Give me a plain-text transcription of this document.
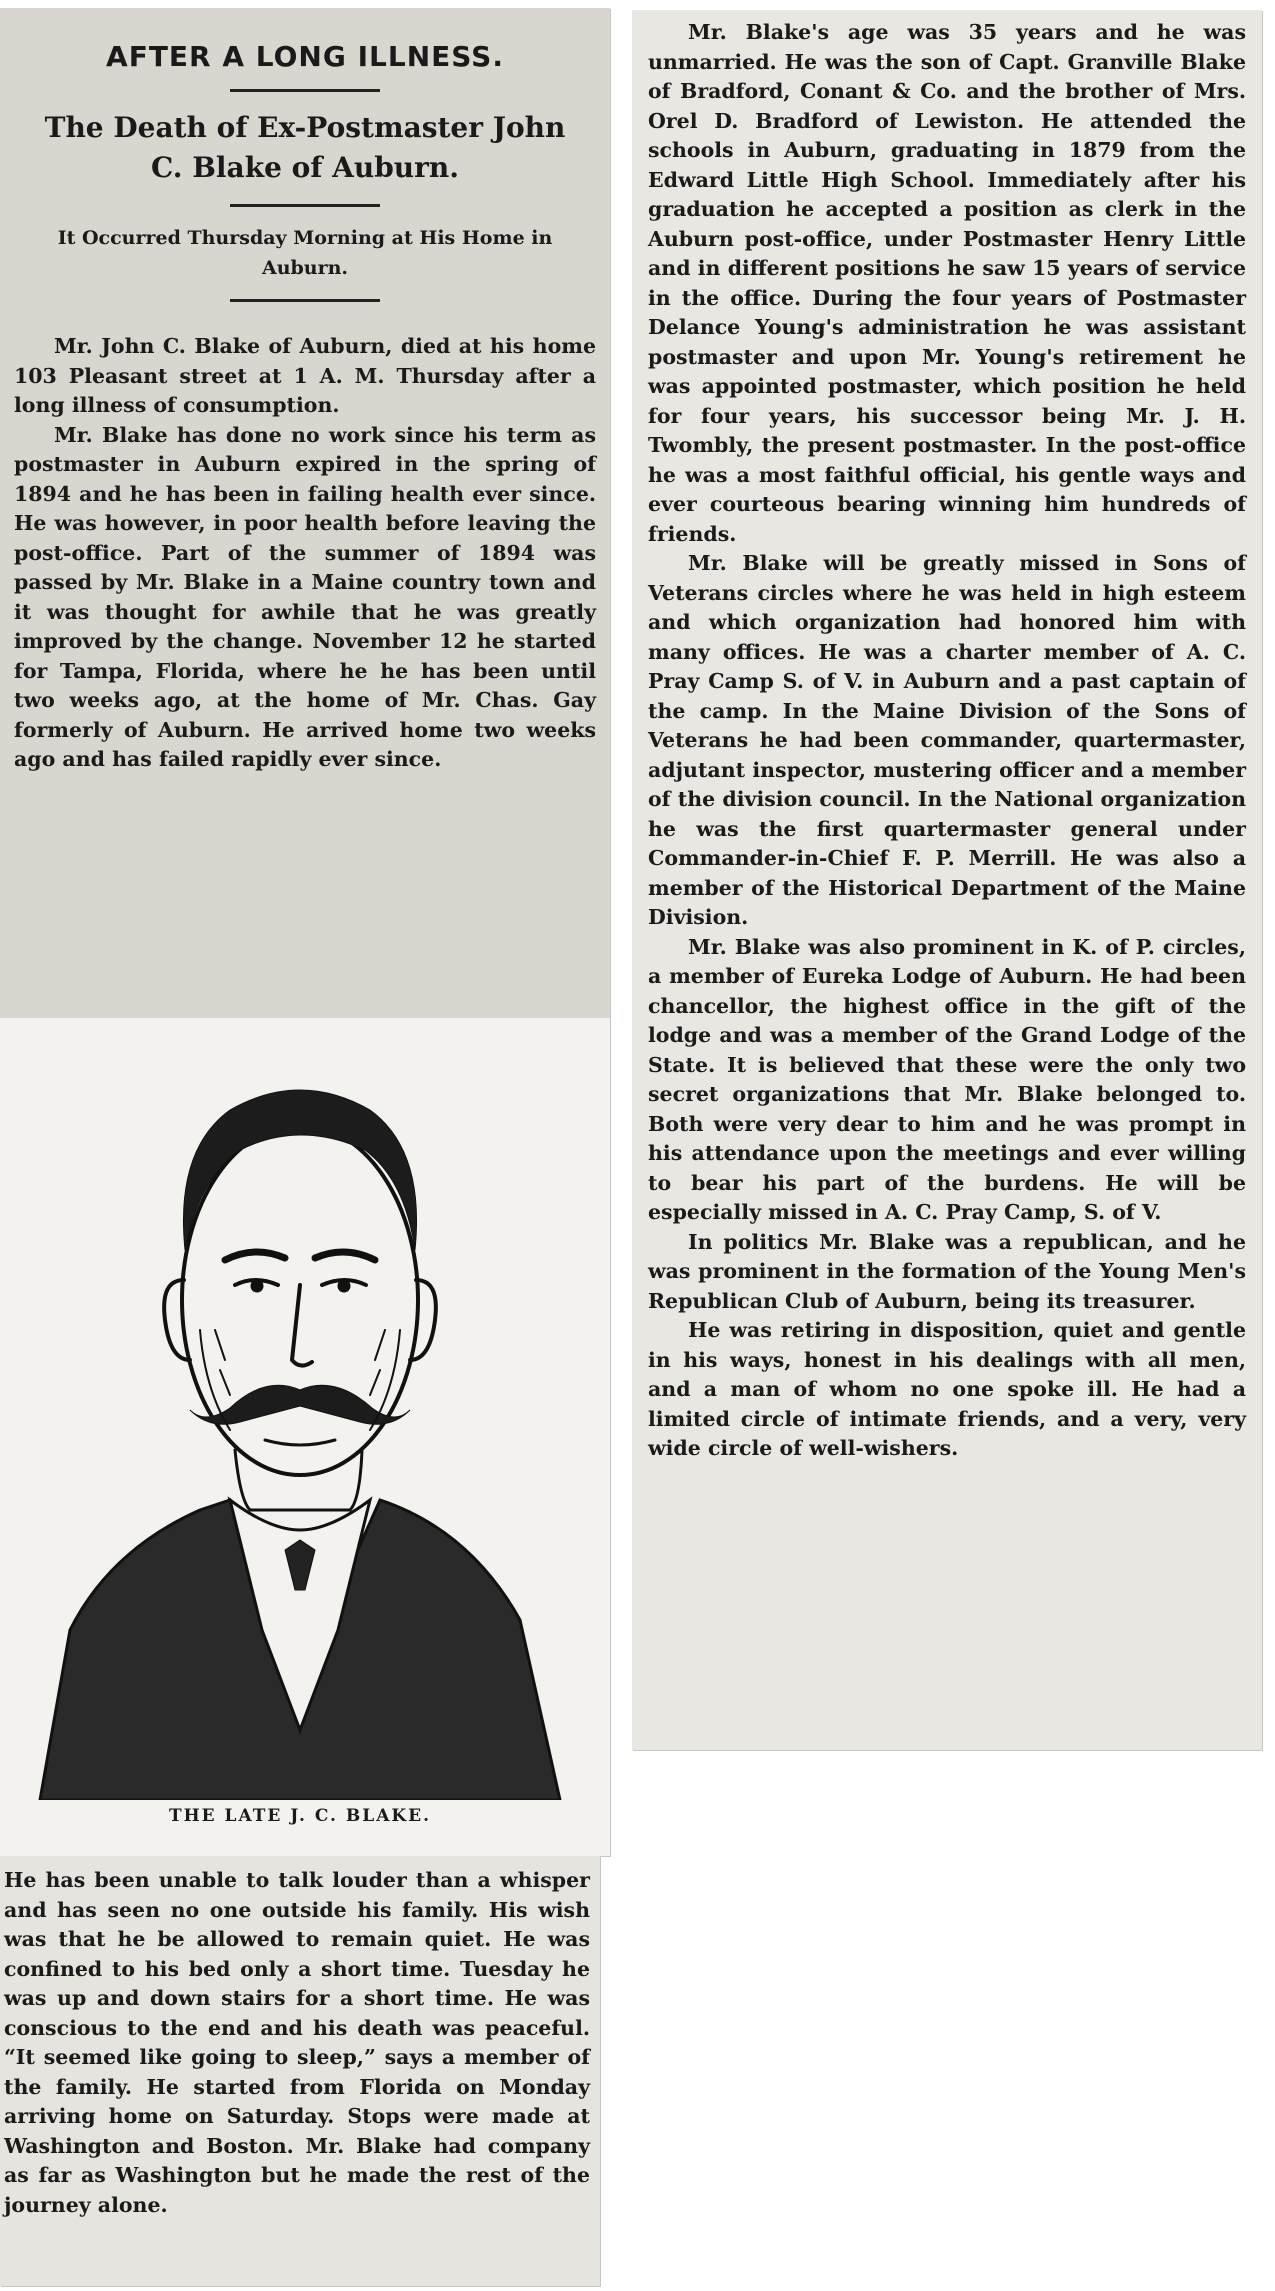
AFTER A LONG ILLNESS.
The Death of Ex-Postmaster John C. Blake of Auburn.
It Occurred Thursday Morning at His Home in Auburn.

Mr. John C. Blake of Auburn, died at his home 103 Pleasant street at 1 A. M. Thursday after a long illness of consumption.

Mr. Blake has done no work since his term as postmaster in Auburn expired in the spring of 1894 and he has been in failing health ever since. He was however, in poor health before leaving the post-office. Part of the summer of 1894 was passed by Mr. Blake in a Maine country town and it was thought for awhile that he was greatly improved by the change. November 12 he started for Tampa, Florida, where he he has been until two weeks ago, at the home of Mr. Chas. Gay formerly of Auburn. He arrived home two weeks ago and has failed rapidly ever since.

THE LATE J. C. BLAKE.

He has been unable to talk louder than a whisper and has seen no one outside his family. His wish was that he be allowed to remain quiet. He was confined to his bed only a short time. Tuesday he was up and down stairs for a short time. He was conscious to the end and his death was peaceful. “It seemed like going to sleep,” says a member of the family. He started from Florida on Monday arriving home on Saturday. Stops were made at Washington and Boston. Mr. Blake had company as far as Washington but he made the rest of the journey alone.

Mr. Blake's age was 35 years and he was unmarried. He was the son of Capt. Granville Blake of Bradford, Conant & Co. and the brother of Mrs. Orel D. Bradford of Lewiston. He attended the schools in Auburn, graduating in 1879 from the Edward Little High School. Immediately after his graduation he accepted a position as clerk in the Auburn post-office, under Postmaster Henry Little and in different positions he saw 15 years of service in the office. During the four years of Postmaster Delance Young's administration he was assistant postmaster and upon Mr. Young's retirement he was appointed postmaster, which position he held for four years, his successor being Mr. J. H. Twombly, the present postmaster. In the post-office he was a most faithful official, his gentle ways and ever courteous bearing winning him hundreds of friends.

Mr. Blake will be greatly missed in Sons of Veterans circles where he was held in high esteem and which organization had honored him with many offices. He was a charter member of A. C. Pray Camp S. of V. in Auburn and a past captain of the camp. In the Maine Division of the Sons of Veterans he had been commander, quartermaster, adjutant inspector, mustering officer and a member of the division council. In the National organization he was the first quartermaster general under Commander-in-Chief F. P. Merrill. He was also a member of the Historical Department of the Maine Division.

Mr. Blake was also prominent in K. of P. circles, a member of Eureka Lodge of Auburn. He had been chancellor, the highest office in the gift of the lodge and was a member of the Grand Lodge of the State. It is believed that these were the only two secret organizations that Mr. Blake belonged to. Both were very dear to him and he was prompt in his attendance upon the meetings and ever willing to bear his part of the burdens. He will be especially missed in A. C. Pray Camp, S. of V.

In politics Mr. Blake was a republican, and he was prominent in the formation of the Young Men's Republican Club of Auburn, being its treasurer.

He was retiring in disposition, quiet and gentle in his ways, honest in his dealings with all men, and a man of whom no one spoke ill. He had a limited circle of intimate friends, and a very, very wide circle of well-wishers.
